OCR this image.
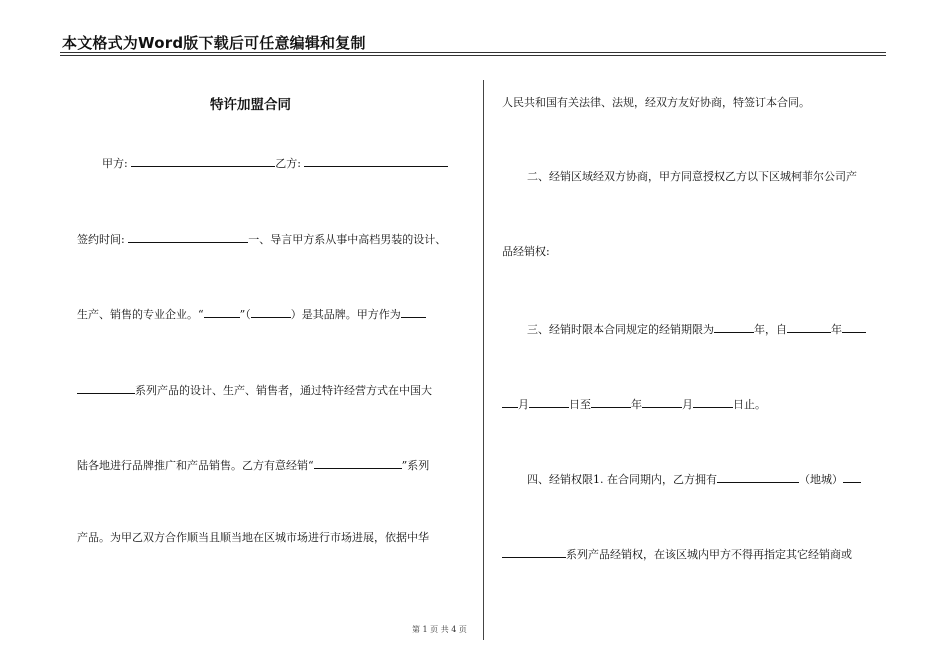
本文格式为Word版下载后可任意编辑和复制
特许加盟合同
甲方:	乙方:
签约时间:	一、导言甲方系从事中高档男装的设计、
生产、销售的专业企业。“	”（	）是其品牌。甲方作为
系列产品的设计、生产、销售者，通过特许经营方式在中国大
陆各地进行品牌推广和产品销售。乙方有意经销“	”系列
产品。为甲乙双方合作顺当且顺当地在区城市场进行市场进展，依据中华
人民共和国有关法律、法规，经双方友好协商，特签订本合同。
二、经销区域经双方协商，甲方同意授权乙方以下区城柯菲尔公司产
品经销权:
三、经销时限本合同规定的经销期限为	年，自	年
月	日至	年	月	日止。
四、经销权限1. 在合同期内，乙方拥有	（地城）
系列产品经销权，在该区城内甲方不得再指定其它经销商或
第 1 页 共 4 页
